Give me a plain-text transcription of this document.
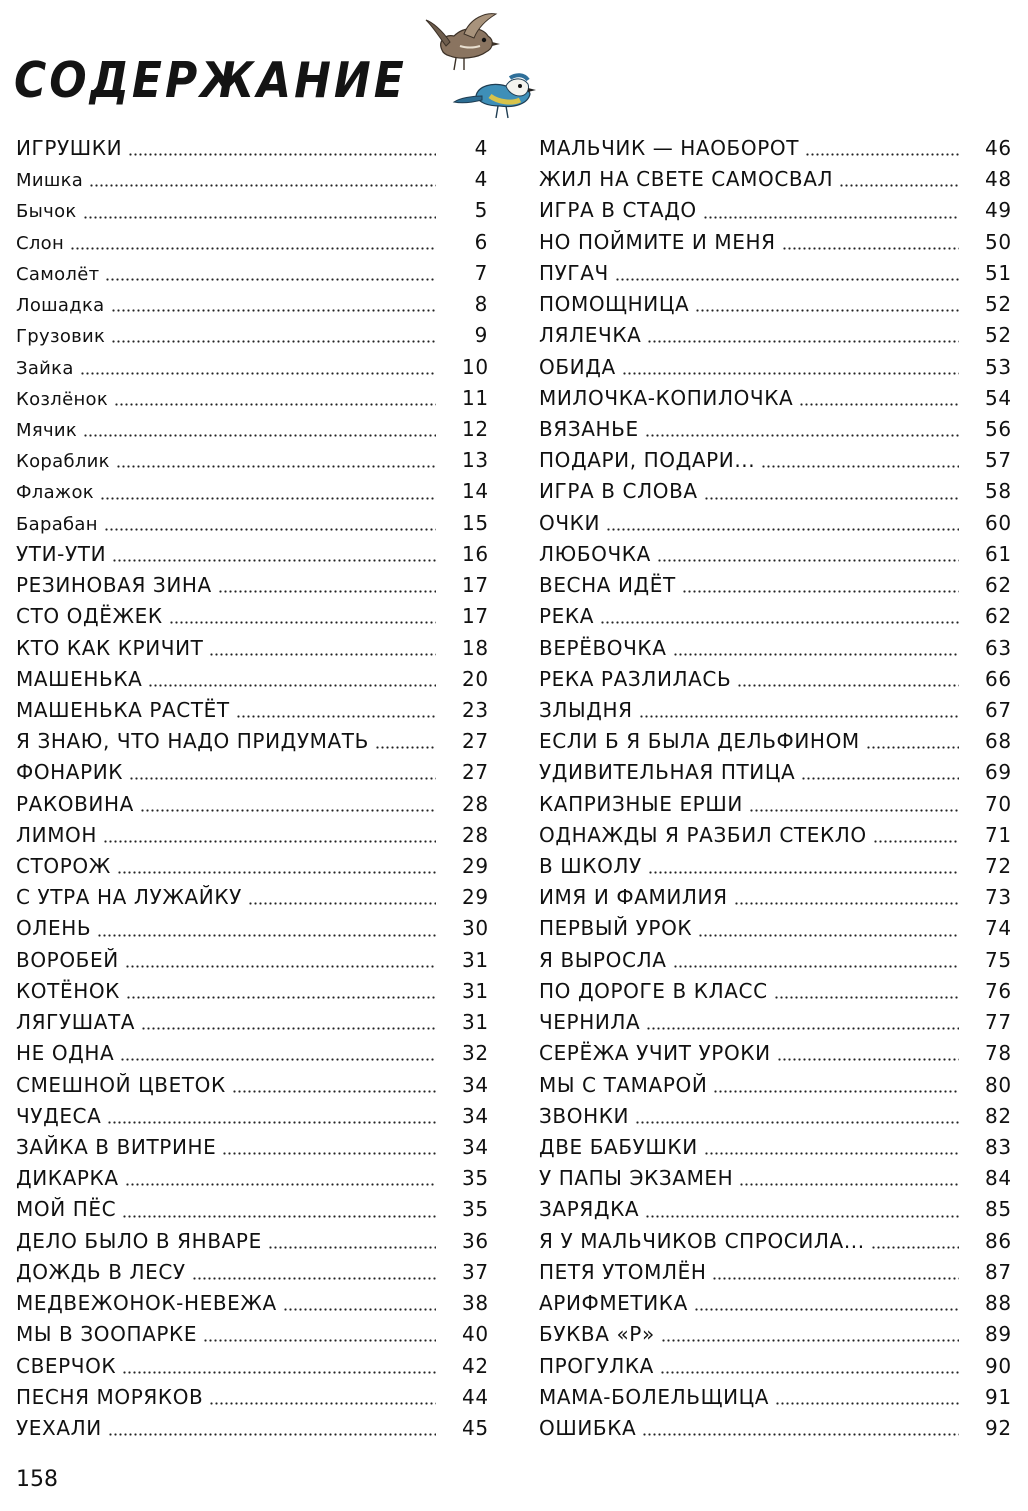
СОДЕРЖАНИЕ
ИГРУШКИ	4
Мишка	4
Бычок	5
Слон	6
Самолёт	7
Лошадка	8
Грузовик	9
Зайка	10
Козлёнок	11
Мячик	12
Кораблик	13
Флажок	14
Барабан	15
УТИ-УТИ	16
РЕЗИНОВАЯ ЗИНА	17
СТО ОДЁЖЕК	17
КТО КАК КРИЧИТ	18
МАШЕНЬКА	20
МАШЕНЬКА РАСТЁТ	23
Я ЗНАЮ, ЧТО НАДО ПРИДУМАТЬ	27
ФОНАРИК	27
РАКОВИНА	28
ЛИМОН	28
СТОРОЖ	29
С УТРА НА ЛУЖАЙКУ	29
ОЛЕНЬ	30
ВОРОБЕЙ	31
КОТЁНОК	31
ЛЯГУШАТА	31
НЕ ОДНА	32
СМЕШНОЙ ЦВЕТОК	34
ЧУДЕСА	34
ЗАЙКА В ВИТРИНЕ	34
ДИКАРКА	35
МОЙ ПЁС	35
ДЕЛО БЫЛО В ЯНВАРЕ	36
ДОЖДЬ В ЛЕСУ	37
МЕДВЕЖОНОК-НЕВЕЖА	38
МЫ В ЗООПАРКЕ	40
СВЕРЧОК	42
ПЕСНЯ МОРЯКОВ	44
УЕХАЛИ	45
МАЛЬЧИК — НАОБОРОТ	46
ЖИЛ НА СВЕТЕ САМОСВАЛ	48
ИГРА В СТАДО	49
НО ПОЙМИТЕ И МЕНЯ	50
ПУГАЧ	51
ПОМОЩНИЦА	52
ЛЯЛЕЧКА	52
ОБИДА	53
МИЛОЧКА-КОПИЛОЧКА	54
ВЯЗАНЬЕ	56
ПОДАРИ, ПОДАРИ...	57
ИГРА В СЛОВА	58
ОЧКИ	60
ЛЮБОЧКА	61
ВЕСНА ИДЁТ	62
РЕКА	62
ВЕРЁВОЧКА	63
РЕКА РАЗЛИЛАСЬ	66
ЗЛЫДНЯ	67
ЕСЛИ Б Я БЫЛА ДЕЛЬФИНОМ	68
УДИВИТЕЛЬНАЯ ПТИЦА	69
КАПРИЗНЫЕ ЕРШИ	70
ОДНАЖДЫ Я РАЗБИЛ СТЕКЛО	71
В ШКОЛУ	72
ИМЯ И ФАМИЛИЯ	73
ПЕРВЫЙ УРОК	74
Я ВЫРОСЛА	75
ПО ДОРОГЕ В КЛАСС	76
ЧЕРНИЛА	77
СЕРЁЖА УЧИТ УРОКИ	78
МЫ С ТАМАРОЙ	80
ЗВОНКИ	82
ДВЕ БАБУШКИ	83
У ПАПЫ ЭКЗАМЕН	84
ЗАРЯДКА	85
Я У МАЛЬЧИКОВ СПРОСИЛА...	86
ПЕТЯ УТОМЛЁН	87
АРИФМЕТИКА	88
БУКВА «Р»	89
ПРОГУЛКА	90
МАМА-БОЛЕЛЬЩИЦА	91
ОШИБКА	92
158
